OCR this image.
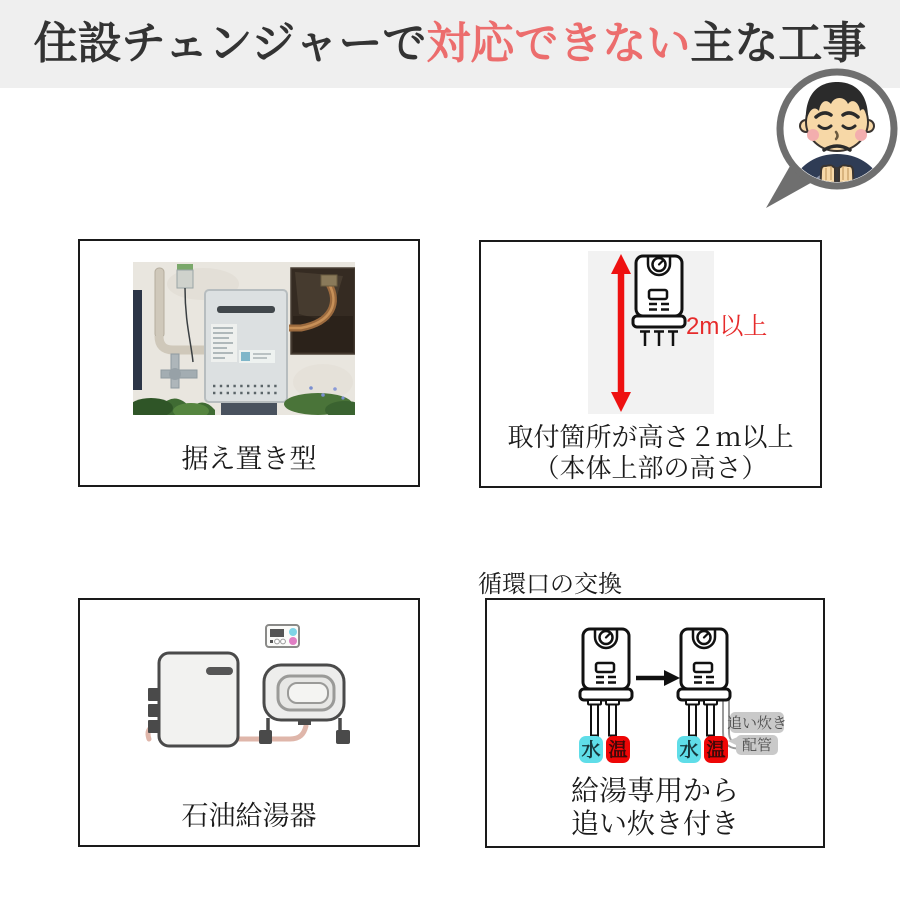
住設チェンジャーで対応できない主な工事
据え置き型
2m以上
取付箇所が高さ２ｍ以上
（本体上部の高さ）
石油給湯器
循環口の交換
水 温	水 温
追い炊き
配管
給湯専用から
追い炊き付き
